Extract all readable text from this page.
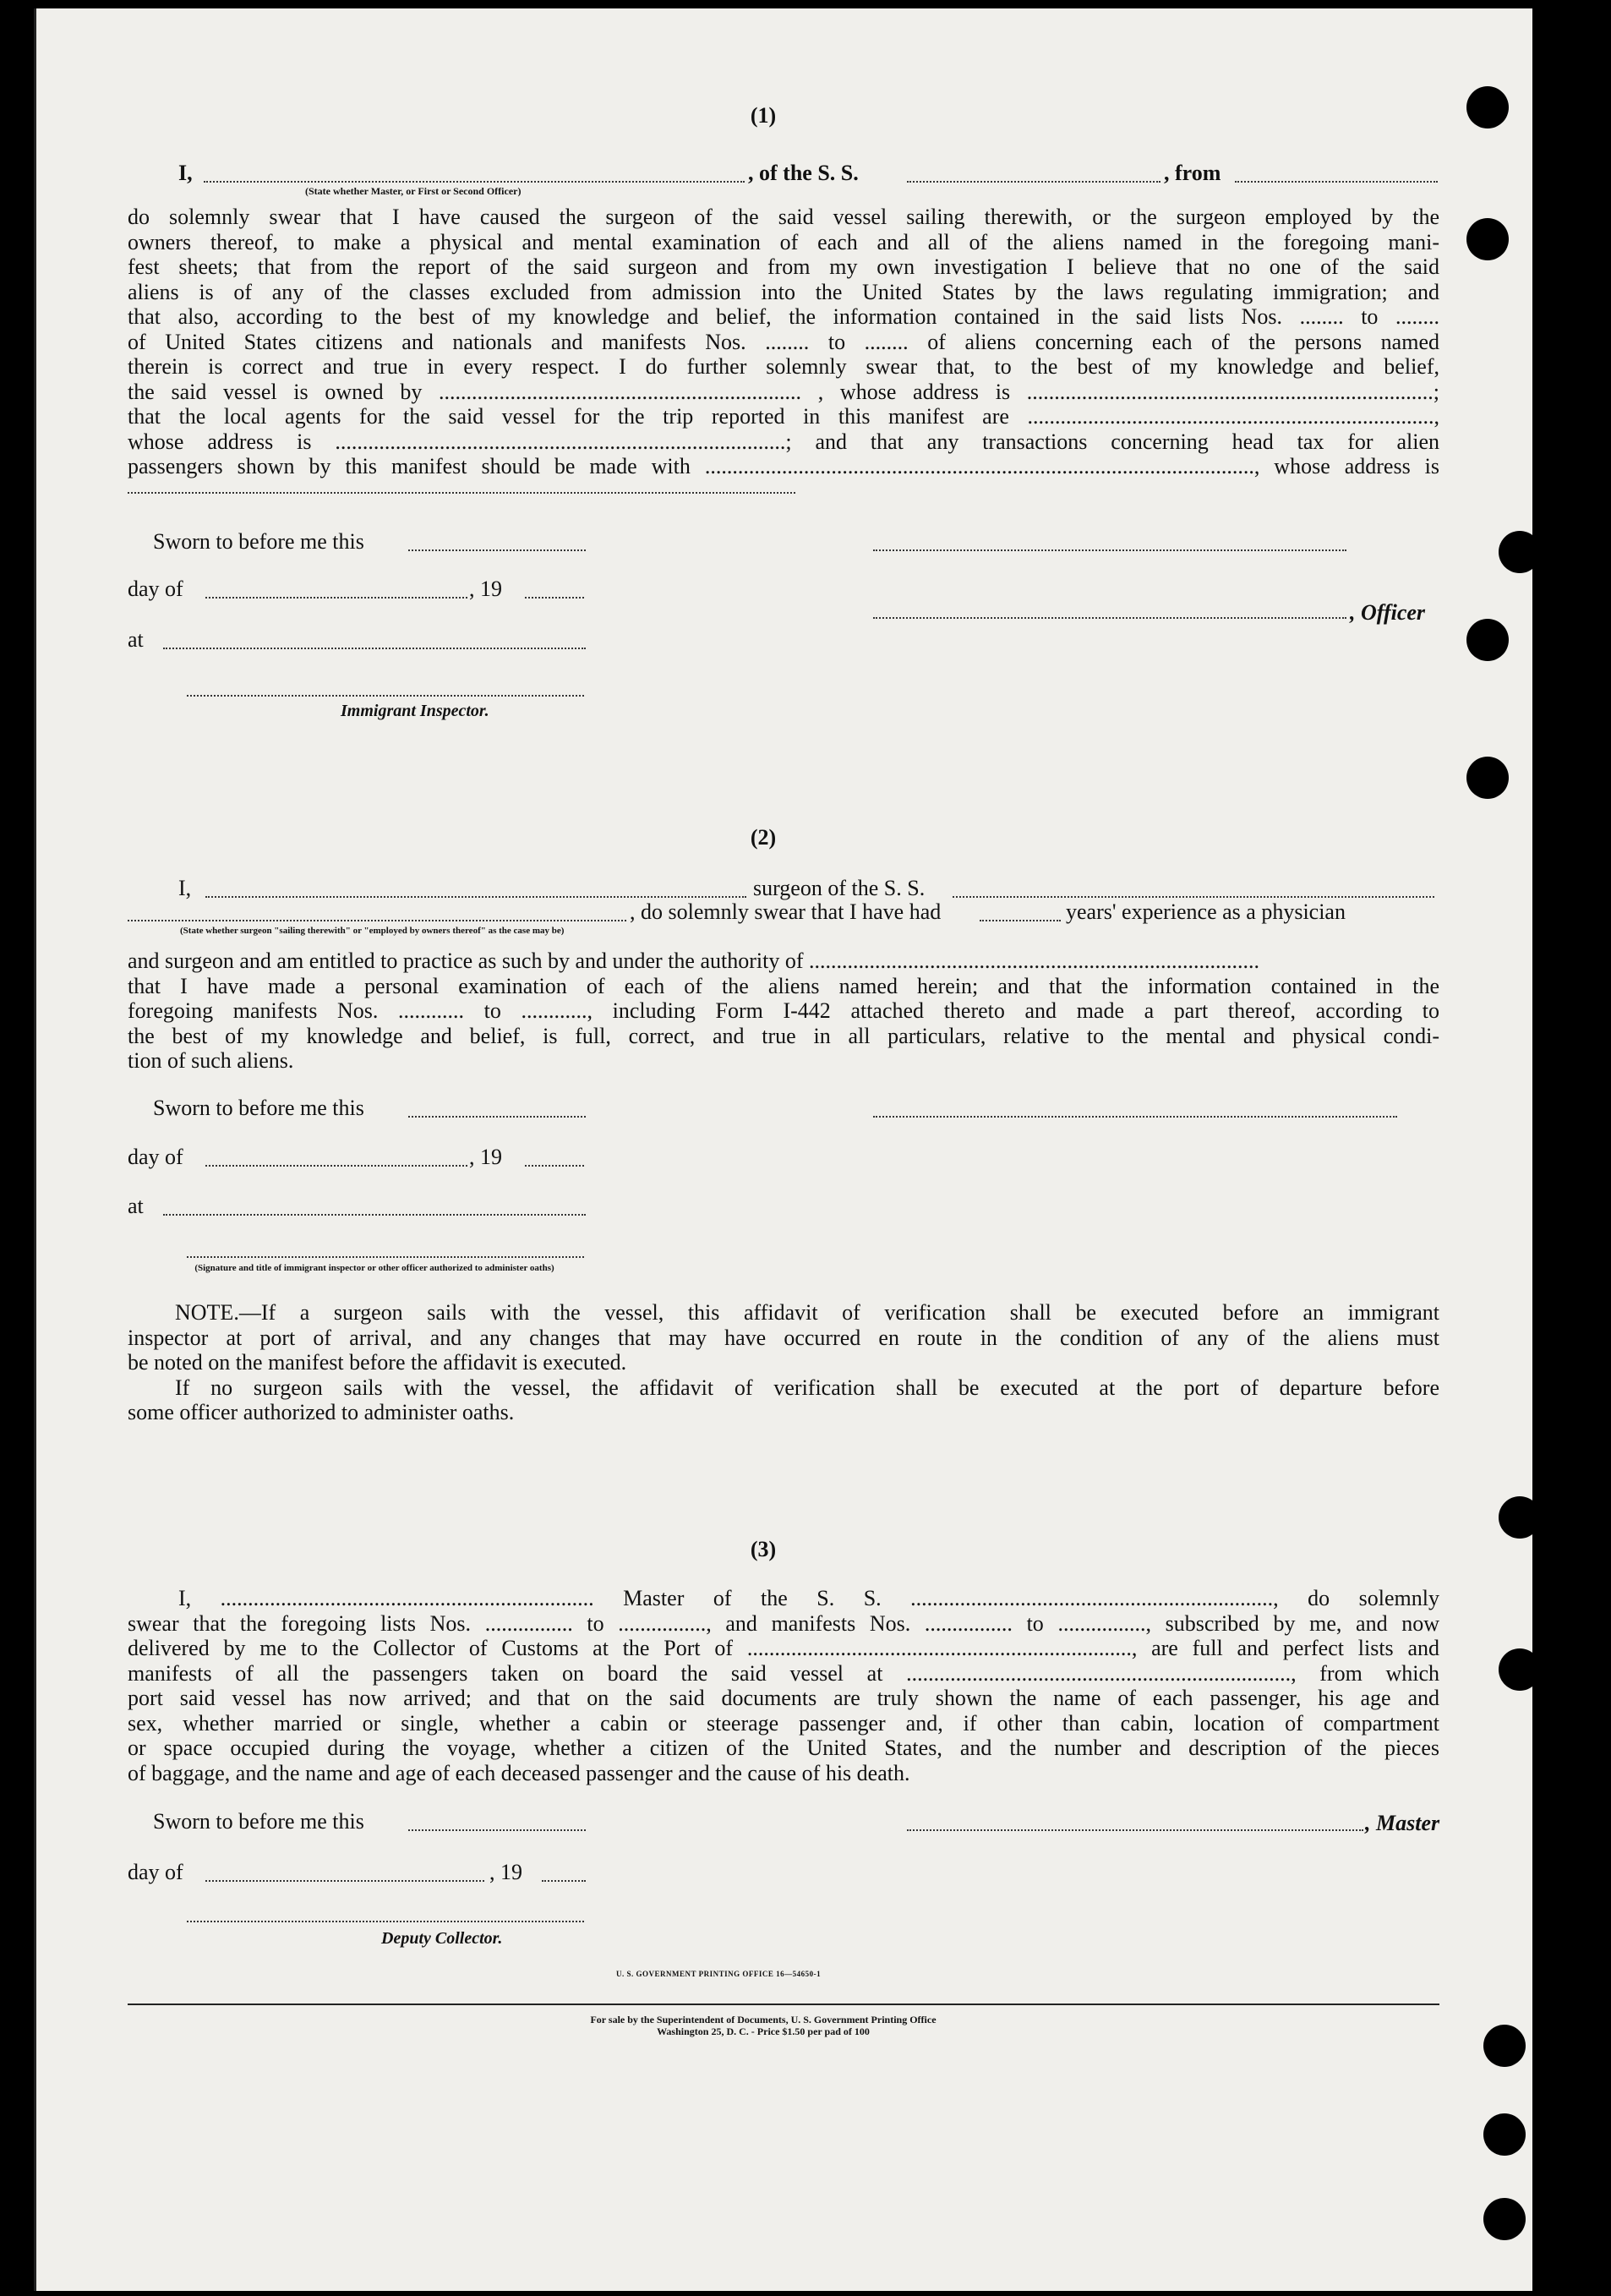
(1)
I,	, of the S. S.	, from
(State whether Master, or First or Second Officer)
do solemnly swear that I have caused the surgeon of the said vessel sailing therewith, or the surgeon employed by the
owners thereof, to make a physical and mental examination of each and all of the aliens named in the foregoing mani-
fest sheets; that from the report of the said surgeon and from my own investigation I believe that no one of the said
aliens is of any of the classes excluded from admission into the United States by the laws regulating immigration; and
that also, according to the best of my knowledge and belief, the information contained in the said lists Nos. ........ to ........
of United States citizens and nationals and manifests Nos. ........ to ........ of aliens concerning each of the persons named
therein is correct and true in every respect. I do further solemnly swear that, to the best of my knowledge and belief,
the said vessel is owned by .................................................................. , whose address is ..........................................................................;
that the local agents for the said vessel for the trip reported in this manifest are ..........................................................................,
whose address is ..................................................................................; and that any transactions concerning head tax for alien
passengers shown by this manifest should be made with ...................................................................................................., whose address is
Sworn to before me this
day of	, 19
, Officer
at
Immigrant Inspector.
(2)
I,	surgeon of the S. S.
, do solemnly swear that I have had	years' experience as a physician
(State whether surgeon "sailing therewith" or "employed by owners thereof" as the case may be)
and surgeon and am entitled to practice as such by and under the authority of ..................................................................................
that I have made a personal examination of each of the aliens named herein; and that the information contained in the
foregoing manifests Nos. ............ to ............, including Form I-442 attached thereto and made a part thereof, according to
the best of my knowledge and belief, is full, correct, and true in all particulars, relative to the mental and physical condi-
tion of such aliens.
Sworn to before me this
day of	, 19
at
(Signature and title of immigrant inspector or other officer authorized to administer oaths)
NOTE.—If a surgeon sails with the vessel, this affidavit of verification shall be executed before an immigrant
inspector at port of arrival, and any changes that may have occurred en route in the condition of any of the aliens must
be noted on the manifest before the affidavit is executed.
If no surgeon sails with the vessel, the affidavit of verification shall be executed at the port of departure before
some officer authorized to administer oaths.
(3)
I, .................................................................... Master of the S. S. .................................................................., do solemnly
swear that the foregoing lists Nos. ................ to ................, and manifests Nos. ................ to ................, subscribed by me, and now
delivered by me to the Collector of Customs at the Port of ......................................................................, are full and perfect lists and
manifests of all the passengers taken on board the said vessel at ......................................................................, from which
port said vessel has now arrived; and that on the said documents are truly shown the name of each passenger, his age and
sex, whether married or single, whether a cabin or steerage passenger and, if other than cabin, location of compartment
or space occupied during the voyage, whether a citizen of the United States, and the number and description of the pieces
of baggage, and the name and age of each deceased passenger and the cause of his death.
Sworn to before me this	, Master
day of	, 19
Deputy Collector.
U. S. GOVERNMENT PRINTING OFFICE 16—54650-1
For sale by the Superintendent of Documents, U. S. Government Printing Office
Washington 25, D. C. - Price $1.50 per pad of 100
